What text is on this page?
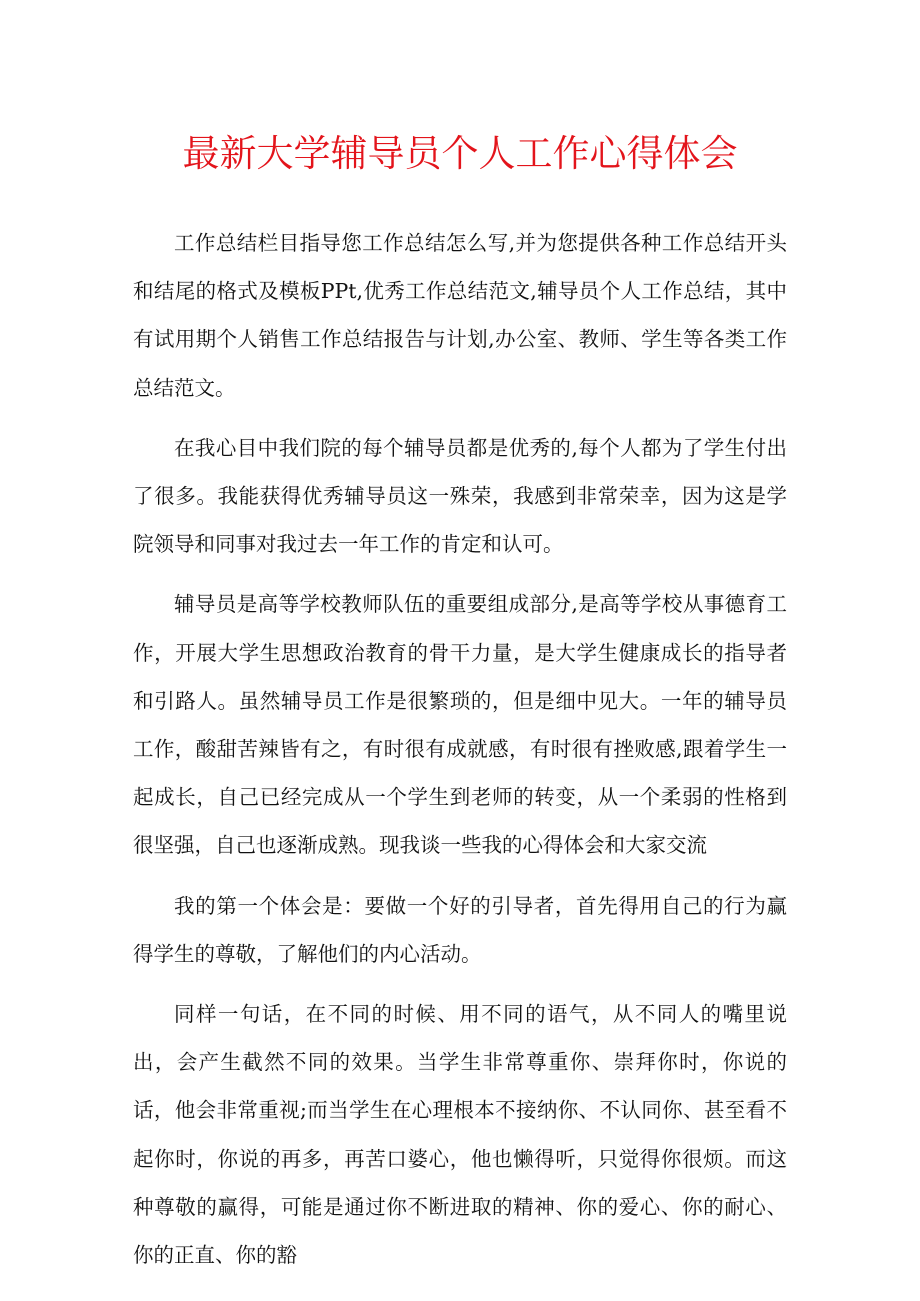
最新大学辅导员个人工作心得体会

工作总结栏目指导您工作总结怎么写,并为您提供各种工作总结开头和结尾的格式及模板PPt,优秀工作总结范文,辅导员个人工作总结，其中有试用期个人销售工作总结报告与计划,办公室、教师、学生等各类工作总结范文。

在我心目中我们院的每个辅导员都是优秀的,每个人都为了学生付出了很多。我能获得优秀辅导员这一殊荣，我感到非常荣幸，因为这是学院领导和同事对我过去一年工作的肯定和认可。

辅导员是高等学校教师队伍的重要组成部分,是高等学校从事德育工作，开展大学生思想政治教育的骨干力量，是大学生健康成长的指导者和引路人。虽然辅导员工作是很繁琐的，但是细中见大。一年的辅导员工作，酸甜苦辣皆有之，有时很有成就感，有时很有挫败感,跟着学生一起成长，自己已经完成从一个学生到老师的转变，从一个柔弱的性格到很坚强，自己也逐渐成熟。现我谈一些我的心得体会和大家交流

我的第一个体会是：要做一个好的引导者，首先得用自己的行为赢得学生的尊敬，了解他们的内心活动。

同样一句话，在不同的时候、用不同的语气，从不同人的嘴里说出，会产生截然不同的效果。当学生非常尊重你、崇拜你时，你说的话，他会非常重视;而当学生在心理根本不接纳你、不认同你、甚至看不起你时，你说的再多，再苦口婆心，他也懒得听，只觉得你很烦。而这种尊敬的赢得，可能是通过你不断进取的精神、你的爱心、你的耐心、你的正直、你的豁
